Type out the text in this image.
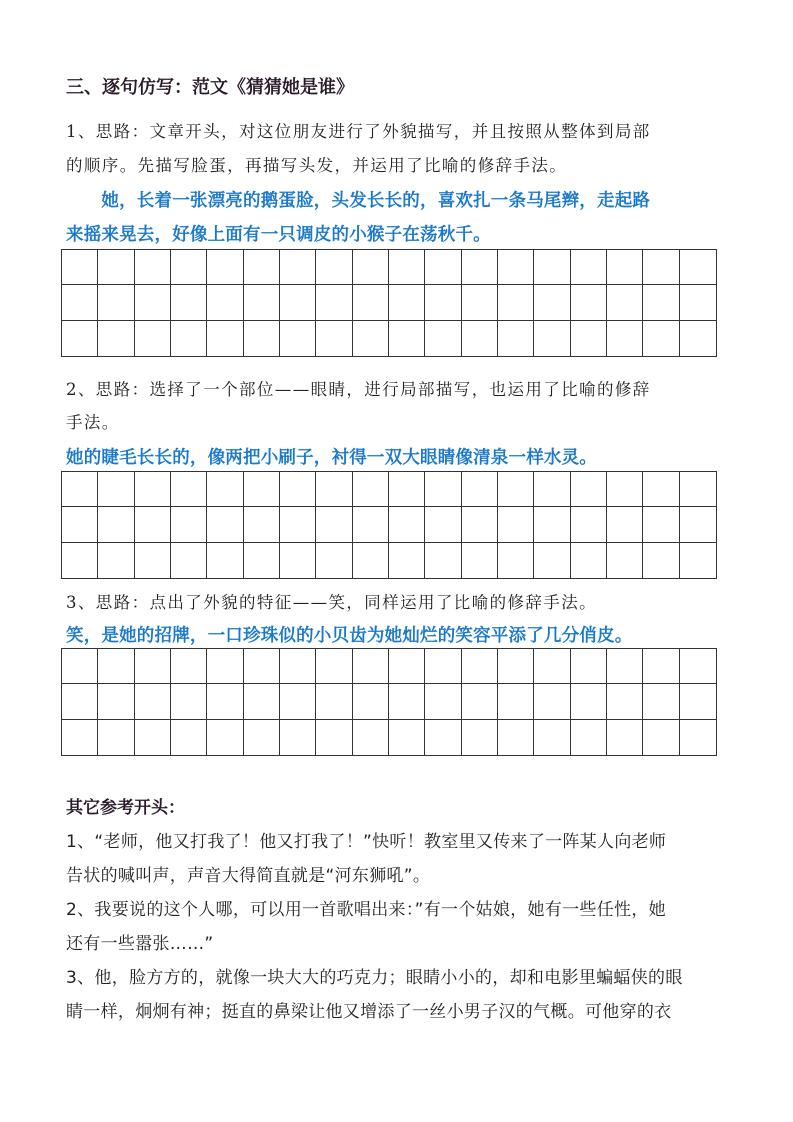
三、逐句仿写：范文《猜猜她是谁》
1、思路：文章开头，对这位朋友进行了外貌描写，并且按照从整体到局部
的顺序。先描写脸蛋，再描写头发，并运用了比喻的修辞手法。
　　她，长着一张漂亮的鹅蛋脸，头发长长的，喜欢扎一条马尾辫，走起路
来摇来晃去，好像上面有一只调皮的小猴子在荡秋千。
2、思路：选择了一个部位——眼睛，进行局部描写，也运用了比喻的修辞
手法。
她的睫毛长长的，像两把小刷子，衬得一双大眼睛像清泉一样水灵。
3、思路：点出了外貌的特征——笑，同样运用了比喻的修辞手法。
笑，是她的招牌，一口珍珠似的小贝齿为她灿烂的笑容平添了几分俏皮。
其它参考开头：
1、“老师，他又打我了！他又打我了！”快听！教室里又传来了一阵某人向老师
告状的喊叫声，声音大得简直就是“河东狮吼”。
2、我要说的这个人哪，可以用一首歌唱出来：”有一个姑娘，她有一些任性，她
还有一些嚣张……”
3、他，脸方方的，就像一块大大的巧克力；眼睛小小的，却和电影里蝙蝠侠的眼
睛一样，炯炯有神；挺直的鼻梁让他又增添了一丝小男子汉的气概。可他穿的衣
